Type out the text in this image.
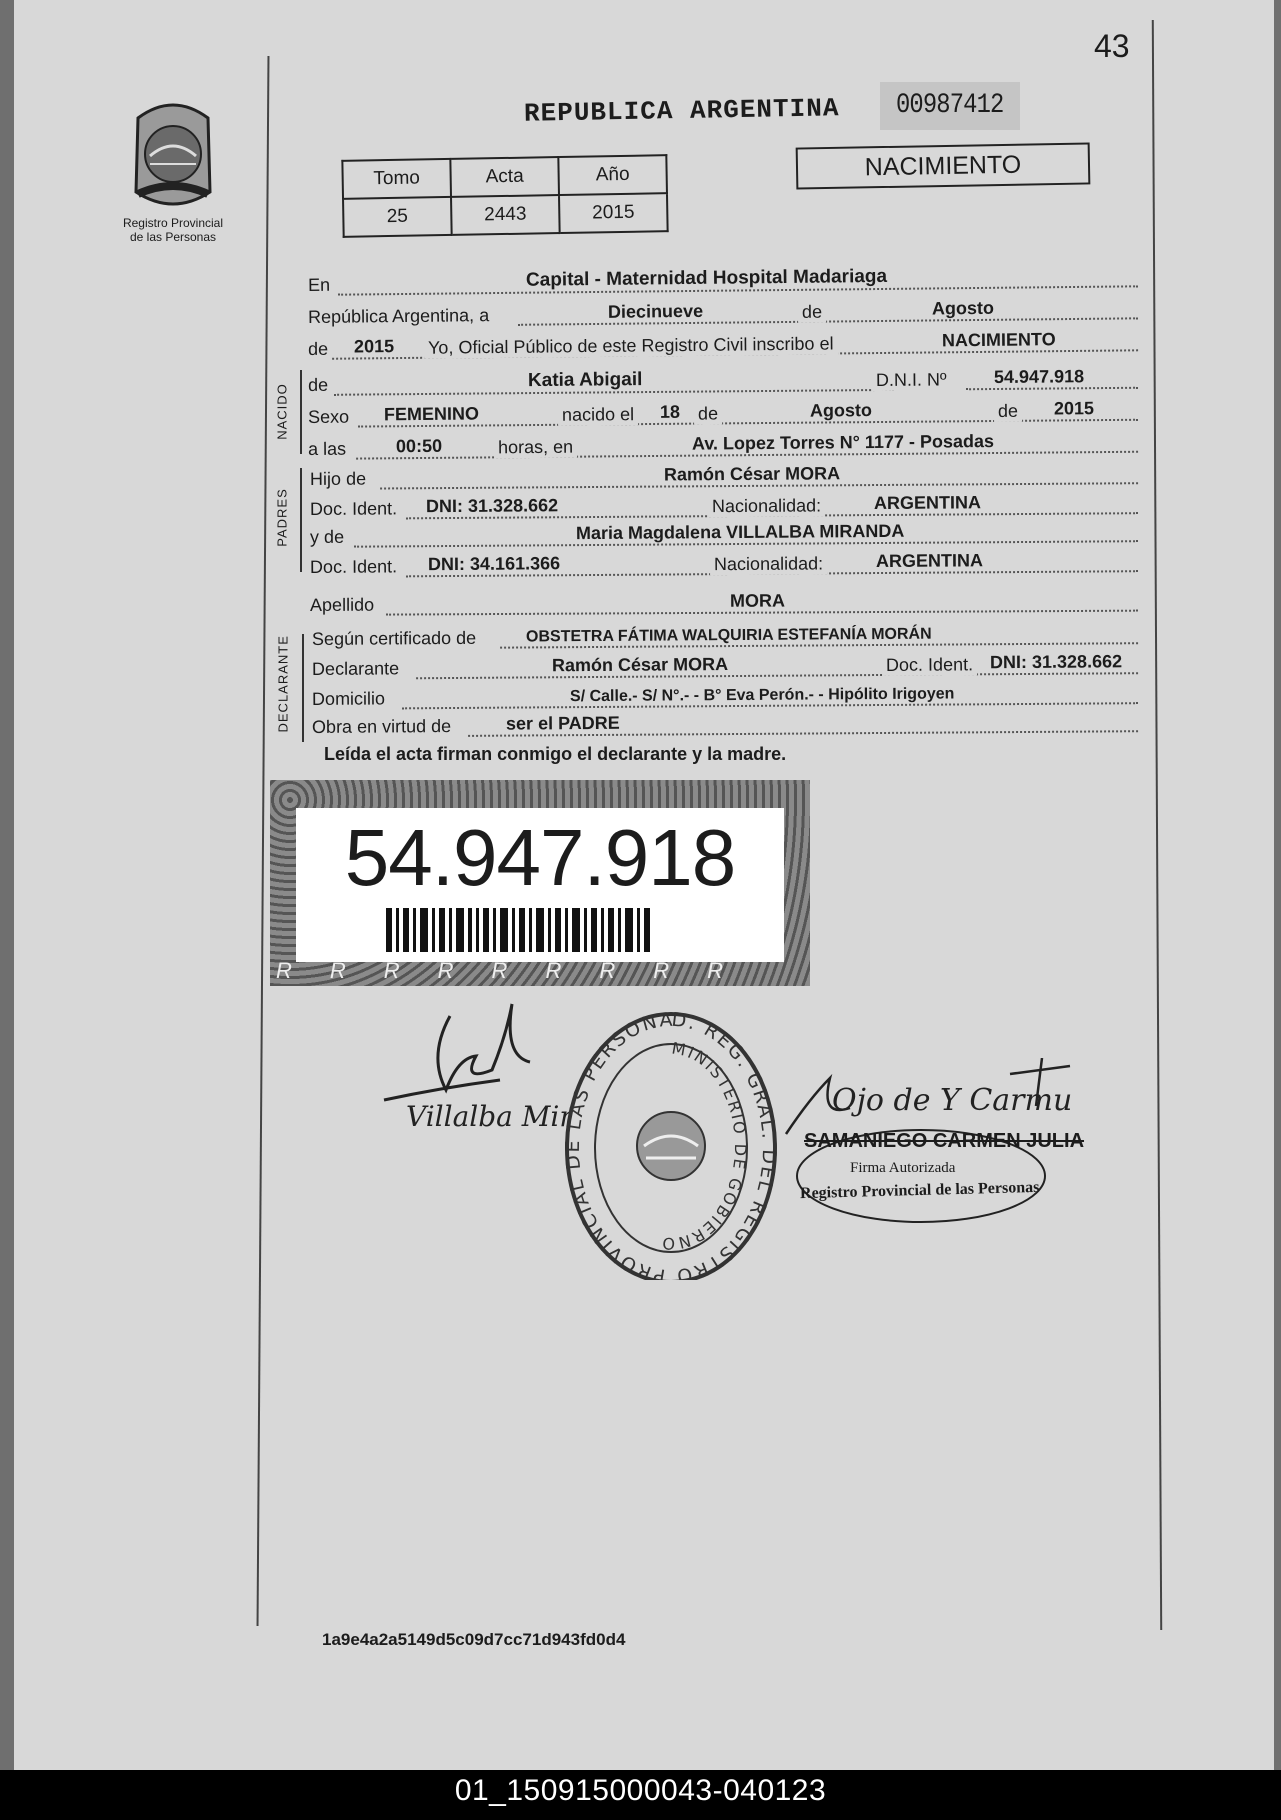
43
Registro Provincial
de las Personas
REPUBLICA ARGENTINA 00987412
NACIMIENTO
Tomo	Acta	Año
25	2443	2015
En	Capital - Maternidad Hospital Madariaga
República Argentina, a	Diecinueve	de	Agosto
de 2015 Yo, Oficial Público de este Registro Civil inscribo el	NACIMIENTO
NACIDO de	Katia Abigail	D.N.I. Nº	54.947.918
Sexo FEMENINO	nacido el 18 de	Agosto	de 2015
a las	00:50	horas, en	Av. Lopez Torres N° 1177 - Posadas
PADRES
Hijo de	Ramón César MORA
Doc. Ident. DNI: 31.328.662	Nacionalidad:	ARGENTINA
y de	Maria Magdalena VILLALBA MIRANDA
Doc. Ident. DNI: 34.161.366	Nacionalidad:	ARGENTINA
Apellido	MORA
DECLARANTE Según certificado de	OBSTETRA FÁTIMA WALQUIRIA ESTEFANÍA MORÁN
Declarante	Ramón César MORA	Doc. Ident. DNI: 31.328.662
Domicilio	S/ Calle.- S/ N°.- - B° Eva Perón.- - Hipólito Irigoyen
Obra en virtud de	ser el PADRE
Leída el acta firman conmigo el declarante y la madre.
54.947.918
RRRRRRRRR
Villalba Mi
D. REG. GRAL. DEL REGISTRO PROVINCIAL DE LAS PERSONA
MINISTERIO DE GOBIERNO
Ojo de Y Carmu
SAMANIEGO CARMEN JULIA
Firma Autorizada
Registro Provincial de las Personas
1a9e4a2a5149d5c09d7cc71d943fd0d4
01_150915000043-040123
